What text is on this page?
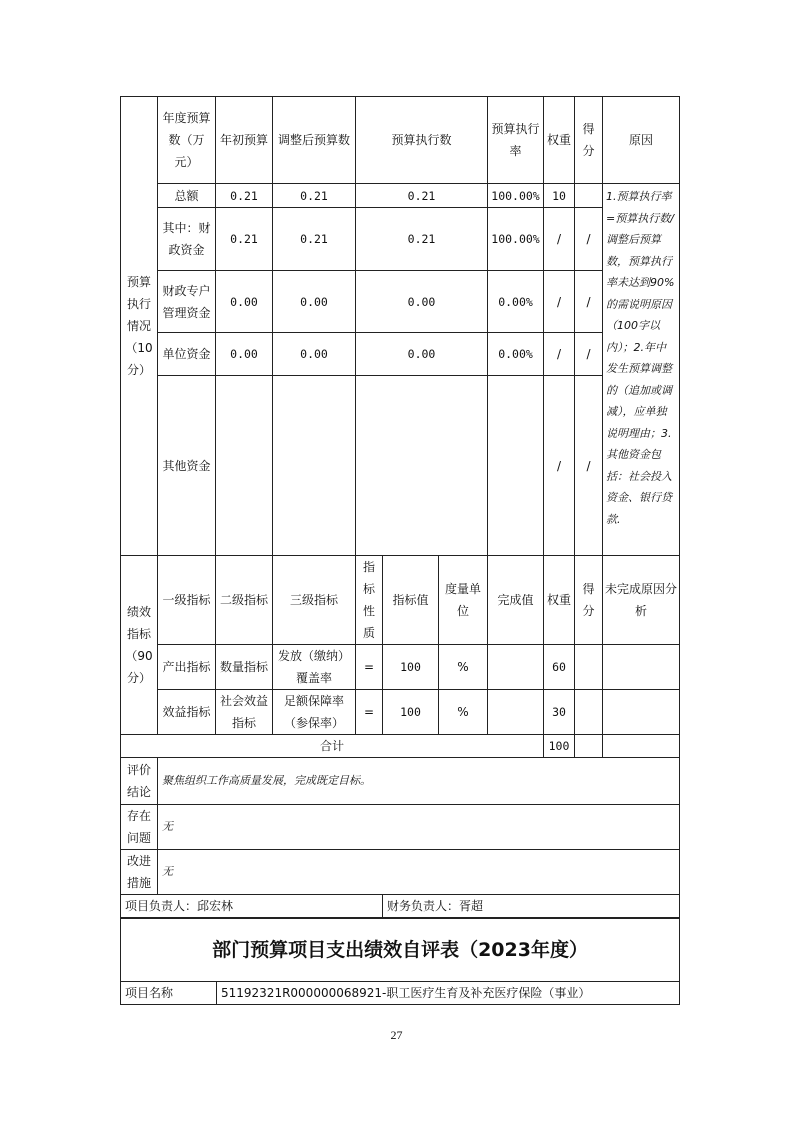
预算执行情况（10分）	年度预算数（万元）	年初预算	调整后预算数	预算执行数			预算执行率	权重	得分	原因
	总额	0.21	0.21	0.21			100.00%	10		1.预算执行率=预算执行数/调整后预算数，预算执行率未达到90%的需说明原因（100字以内）；2.年中发生预算调整的（追加或调减），应单独说明理由；3.其他资金包括：社会投入资金、银行贷款.
	其中：财政资金	0.21	0.21	0.21			100.00%	/	/	
	财政专户管理资金	0.00	0.00	0.00			0.00%	/	/	
	单位资金	0.00	0.00	0.00			0.00%	/	/	
	其他资金							/	/	
绩效指标（90分）	一级指标	二级指标	三级指标	指标性质	指标值	度量单位	完成值	权重	得分	未完成原因分析
	产出指标	数量指标	发放（缴纳）覆盖率	=	100	%		60		
	效益指标	社会效益指标	足额保障率（参保率）	=	100	%		30		
合计								100		
评价结论	聚焦组织工作高质量发展，完成既定目标。									
存在问题	无									
改进措施	无									
项目负责人：邱宏林					财务负责人：胥超					
部门预算项目支出绩效自评表（2023年度）
项目名称	51192321R000000068921-职工医疗生育及补充医疗保险（事业）
27
